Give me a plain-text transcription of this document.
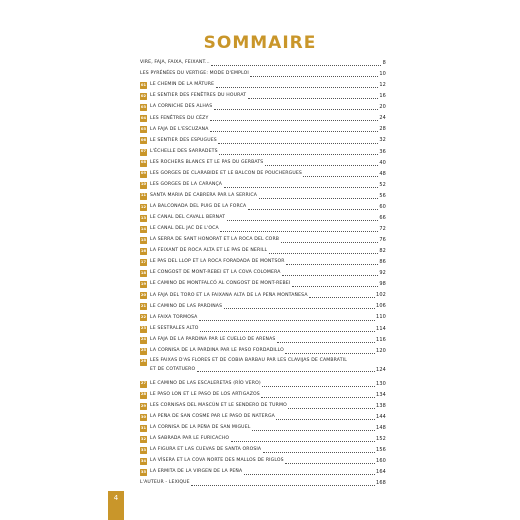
SOMMAIRE
VIRE, FAJA, FAIXA, FEIXANT...	8
LES PYRÉNÉES DU VERTIGE: MODE D'EMPLOI	10
01 LE CHEMIN DE LA MÂTURE	12
02 LE SENTIER DES FENÊTRES DU HOURAT	16
03 LA CORNICHE DES ALHAS	20
04 LES FENÊTRES DU CÉZY	24
05 LA FAJA DE L'ESCUZANA	28
06 LE SENTIER DES ESPUGUES	32
07 L'ÉCHELLE DES SARRADETS	36
08 LES ROCHERS BLANCS ET LE PAS DU GERBATS	40
09 LES GORGES DE CLARABIDE ET LE BALCON DE POUCHERGUES	48
10 LES GORGES DE LA CARANÇA	52
11 SANTA MARIA DE CABRERA PAR LA SERRICA	56
12 LA BALCONADA DEL PUIG DE LA FORCA	60
13 LE CANAL DEL CAVALL BERNAT	66
14 LE CANAL DEL JAC DE L'OCA	72
15 LA SERRA DE SANT HONORAT ET LA ROCA DEL CORB	76
16 LA FEIXANT DE ROCA ALTA ET LE PAS DE NERILL	82
17 LE PAS DEL LLOP ET LA ROCA FORADADA DE MONTSOR	86
18 LE CONGOST DE MONT-REBEI ET LA COVA COLOMERA	92
19 LE CAMINO DE MONTFALCÓ AL CONGOST DE MONT-REBEI	98
20 LA FAJA DEL TORO ET LA FAIXANA ALTA DE LA PEÑA MONTAÑESA	102
21 LE CAMINO DE LAS PARDINAS	106
22 LA FAIXA TORMOSA	110
23 LE SESTRALES ALTO	114
24 LA FAJA DE LA PARDINA PAR LE CUELLO DE ARENAS	116
25 LA CORNISA DE LA PARDINA PAR LE PASO FORDADILLO	120
26 LES FAIXAS D'AS FLORES ET DE COBIA BARBAU PAR LES CLAVIJAS DE CAMBRATIL
ET DE COTATUERO	124
27 LE CAMINO DE LAS ESCALERETAS (RÍO VERO)	130
28 LE PASO LON ET LE PASO DE LOS ARTIGAZOS	134
29 LES CORNISAS DEL MASCÚN ET LE SENDERO DE TURMO	138
30 LA PEÑA DE SAN COSME PAR LE PASO DE NATERGA	144
31 LA CORNISA DE LA PEÑA DE SAN MIGUEL	148
32 LA SABRADA PAR LE FURICACHO	152
33 LA FIGURA ET LAS CUEVAS DE SANTA OROSIA	156
34 LA VÍSERA ET LA COVA NORTE DES MALLOS DE RIGLOS	160
35 LA ERMITA DE LA VIRGEN DE LA PEÑA	164
L'AUTEUR - LEXIQUE	168
4
